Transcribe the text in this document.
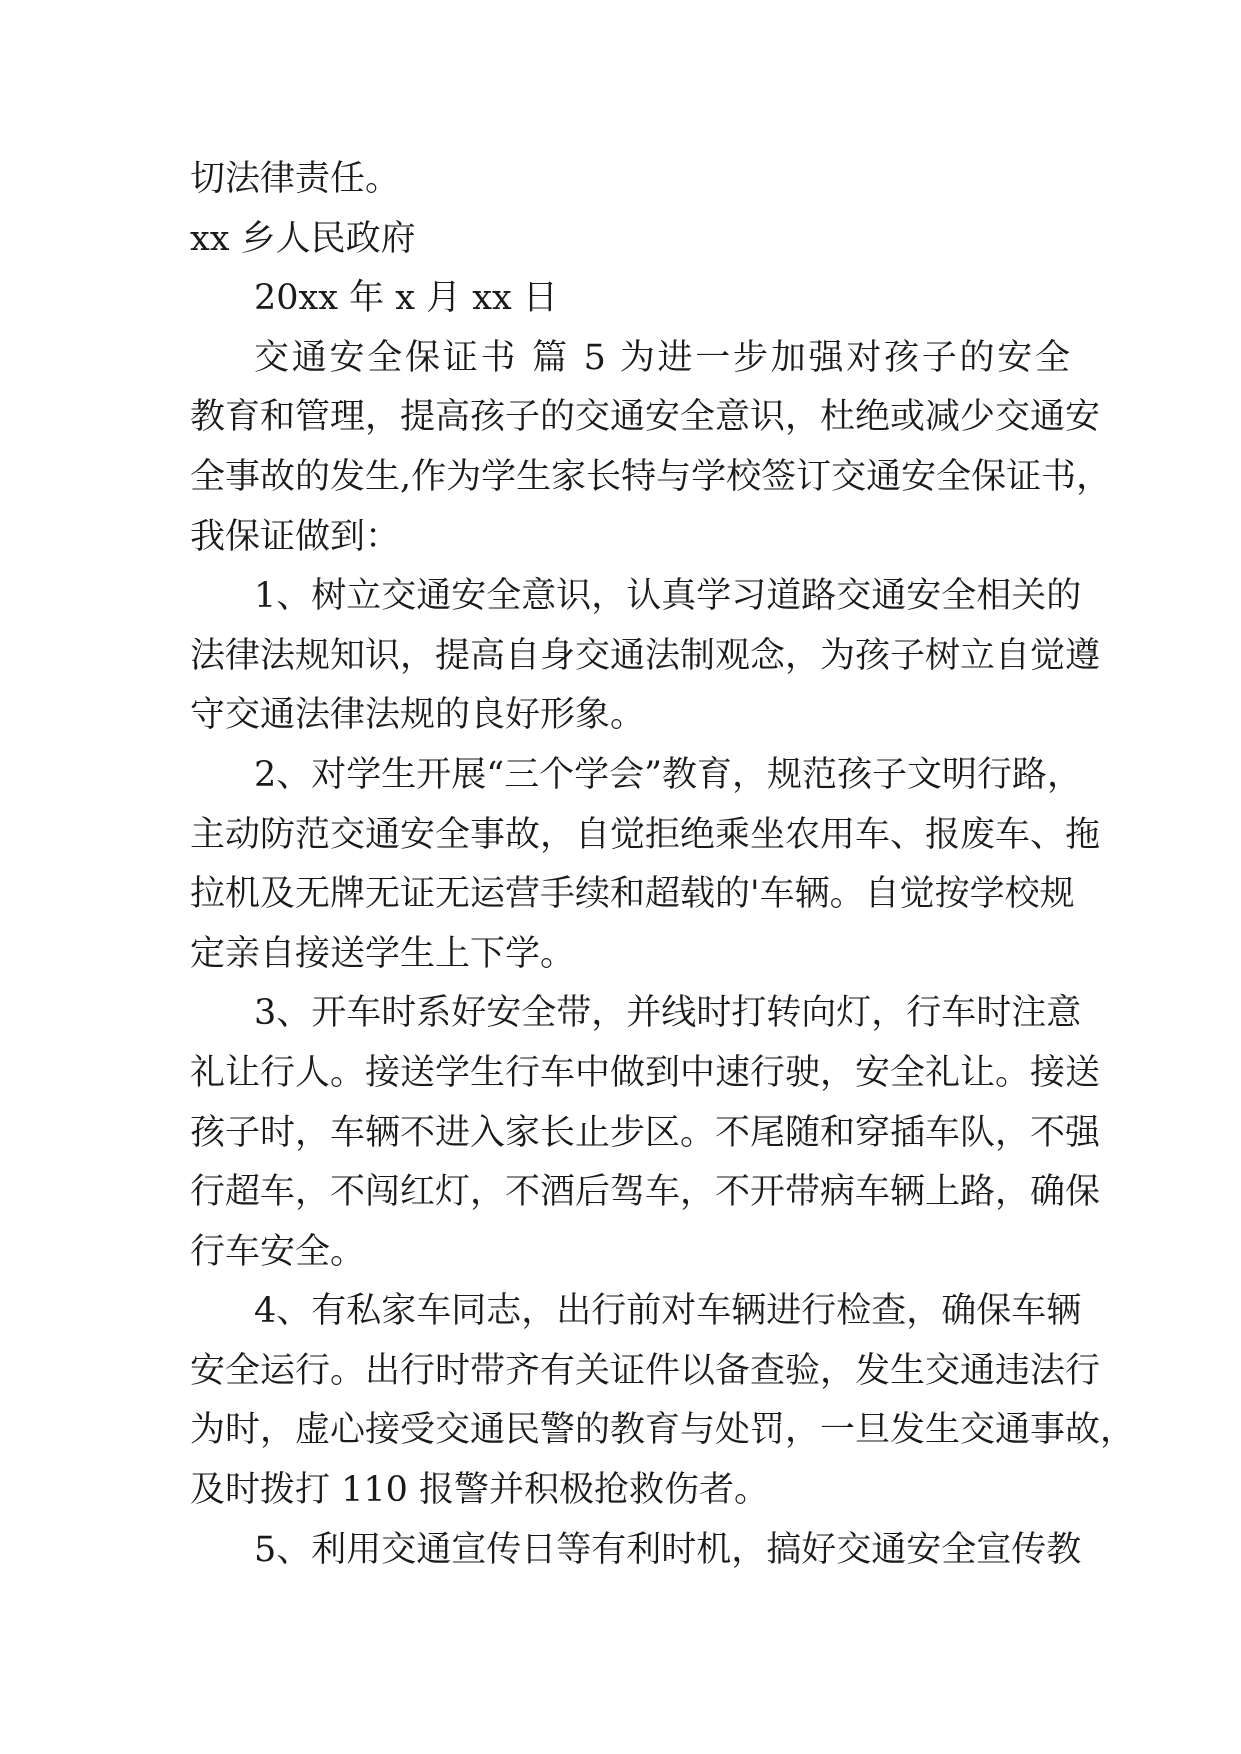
切法律责任。
xx 乡人民政府
20xx 年 x 月 xx 日
交通安全保证书 篇 5 为进一步加强对孩子的安全
教育和管理，提高孩子的交通安全意识，杜绝或减少交通安
全事故的发生,作为学生家长特与学校签订交通安全保证书，
我保证做到：
1、树立交通安全意识，认真学习道路交通安全相关的
法律法规知识，提高自身交通法制观念，为孩子树立自觉遵
守交通法律法规的良好形象。
2、对学生开展“三个学会”教育，规范孩子文明行路，
主动防范交通安全事故，自觉拒绝乘坐农用车、报废车、拖
拉机及无牌无证无运营手续和超载的'车辆。自觉按学校规
定亲自接送学生上下学。
3、开车时系好安全带，并线时打转向灯，行车时注意
礼让行人。接送学生行车中做到中速行驶，安全礼让。接送
孩子时，车辆不进入家长止步区。不尾随和穿插车队，不强
行超车，不闯红灯，不酒后驾车，不开带病车辆上路，确保
行车安全。
4、有私家车同志，出行前对车辆进行检查，确保车辆
安全运行。出行时带齐有关证件以备查验，发生交通违法行
为时，虚心接受交通民警的教育与处罚，一旦发生交通事故，
及时拨打 110 报警并积极抢救伤者。
5、利用交通宣传日等有利时机，搞好交通安全宣传教
